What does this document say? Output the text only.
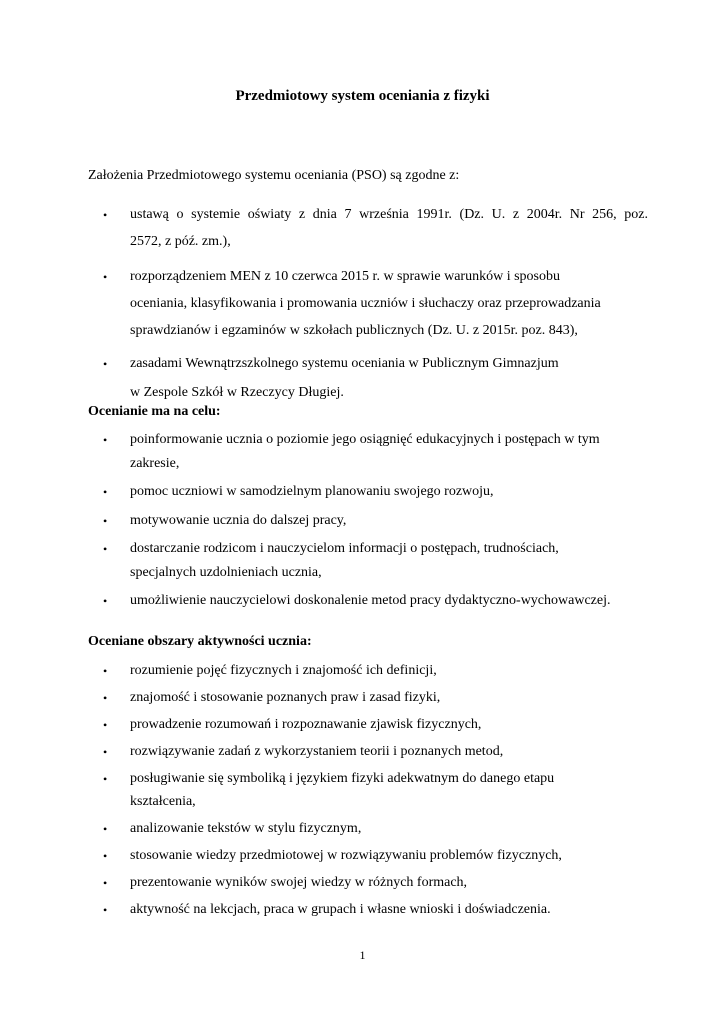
Przedmiotowy system oceniania z fizyki
Założenia Przedmiotowego systemu oceniania (PSO) są zgodne z:
• ustawą o systemie oświaty z dnia 7 września 1991r. (Dz. U. z 2004r. Nr 256, poz.
2572, z póź. zm.),
• rozporządzeniem MEN z 10 czerwca 2015 r. w sprawie warunków i sposobu
oceniania, klasyfikowania i promowania uczniów i słuchaczy oraz przeprowadzania
sprawdzianów i egzaminów w szkołach publicznych (Dz. U. z 2015r. poz. 843),
• zasadami Wewnątrzszkolnego systemu oceniania w Publicznym Gimnazjum
w Zespole Szkół w Rzeczycy Długiej.
Ocenianie ma na celu:
• poinformowanie ucznia o poziomie jego osiągnięć edukacyjnych i postępach w tym
zakresie,
• pomoc uczniowi w samodzielnym planowaniu swojego rozwoju,
• motywowanie ucznia do dalszej pracy,
• dostarczanie rodzicom i nauczycielom informacji o postępach, trudnościach,
specjalnych uzdolnieniach ucznia,
• umożliwienie nauczycielowi doskonalenie metod pracy dydaktyczno-wychowawczej.
Oceniane obszary aktywności ucznia:
• rozumienie pojęć fizycznych i znajomość ich definicji,
• znajomość i stosowanie poznanych praw i zasad fizyki,
• prowadzenie rozumowań i rozpoznawanie zjawisk fizycznych,
• rozwiązywanie zadań z wykorzystaniem teorii i poznanych metod,
• posługiwanie się symboliką i językiem fizyki adekwatnym do danego etapu
kształcenia,
• analizowanie tekstów w stylu fizycznym,
• stosowanie wiedzy przedmiotowej w rozwiązywaniu problemów fizycznych,
• prezentowanie wyników swojej wiedzy w różnych formach,
• aktywność na lekcjach, praca w grupach i własne wnioski i doświadczenia.
1
